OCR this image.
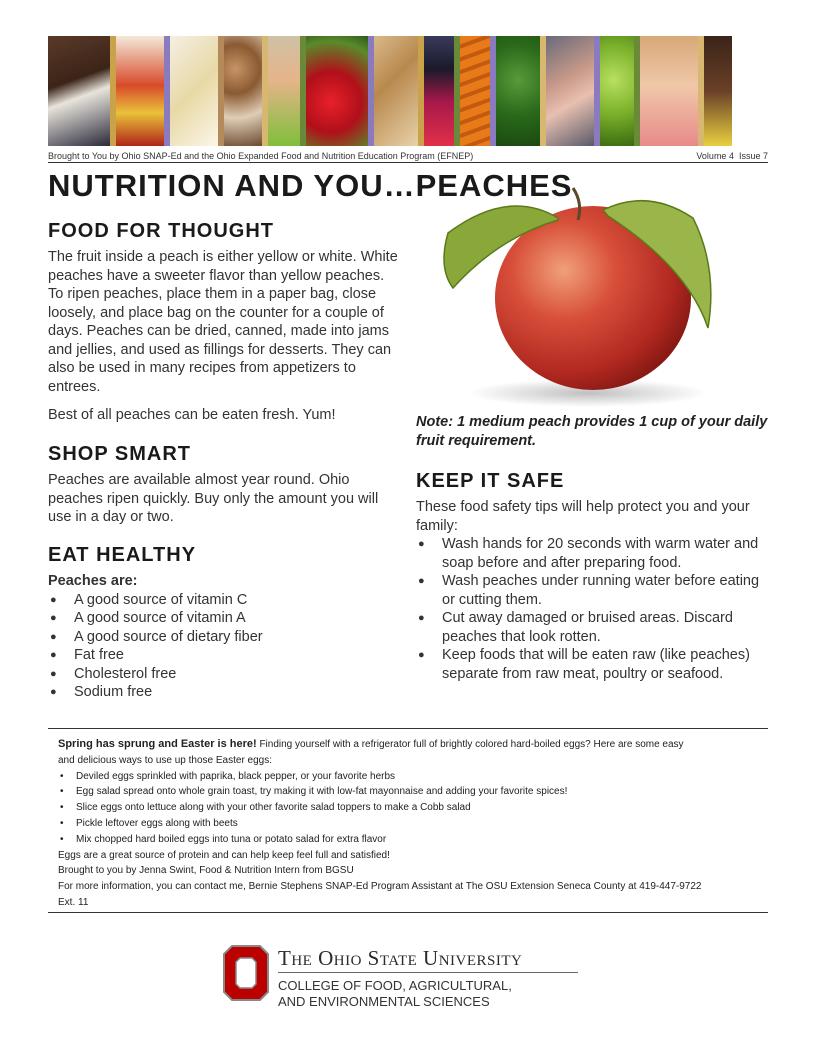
Brought to You by Ohio SNAP-Ed and the Ohio Expanded Food and Nutrition Education Program (EFNEP)	Volume 4 Issue 7
NUTRITION AND YOU…PEACHES
FOOD FOR THOUGHT

The fruit inside a peach is either yellow or white. White peaches have a sweeter flavor than yellow peaches. To ripen peaches, place them in a paper bag, close loosely, and place bag on the counter for a couple of days. Peaches can be dried, canned, made into jams and jellies, and used as fillings for desserts. They can also be used in many recipes from appetizers to entrees.

Best of all peaches can be eaten fresh. Yum!

SHOP SMART

Peaches are available almost year round. Ohio peaches ripen quickly. Buy only the amount you will use in a day or two.

EAT HEALTHY

Peaches are:

● A good source of vitamin C
● A good source of vitamin A
● A good source of dietary fiber
● Fat free
● Cholesterol free
● Sodium free
Note: 1 medium peach provides 1 cup of your daily fruit requirement.
KEEP IT SAFE

These food safety tips will help protect you and your family:

● Wash hands for 20 seconds with warm water and soap before and after preparing food.
● Wash peaches under running water before eating or cutting them.
● Cut away damaged or bruised areas. Discard peaches that look rotten.
● Keep foods that will be eaten raw (like peaches) separate from raw meat, poultry or seafood.

Spring has sprung and Easter is here! Finding yourself with a refrigerator full of brightly colored hard-boiled eggs? Here are some easy and delicious ways to use up those Easter eggs:

• Deviled eggs sprinkled with paprika, black pepper, or your favorite herbs
• Egg salad spread onto whole grain toast, try making it with low-fat mayonnaise and adding your favorite spices!
• Slice eggs onto lettuce along with your other favorite salad toppers to make a Cobb salad
• Pickle leftover eggs along with beets
• Mix chopped hard boiled eggs into tuna or potato salad for extra flavor

Eggs are a great source of protein and can help keep feel full and satisfied!

Brought to you by Jenna Swint, Food & Nutrition Intern from BGSU

For more information, you can contact me, Bernie Stephens SNAP-Ed Program Assistant at The OSU Extension Seneca County at 419-447-9722 Ext. 11

The Ohio State University
COLLEGE OF FOOD, AGRICULTURAL,
AND ENVIRONMENTAL SCIENCES
